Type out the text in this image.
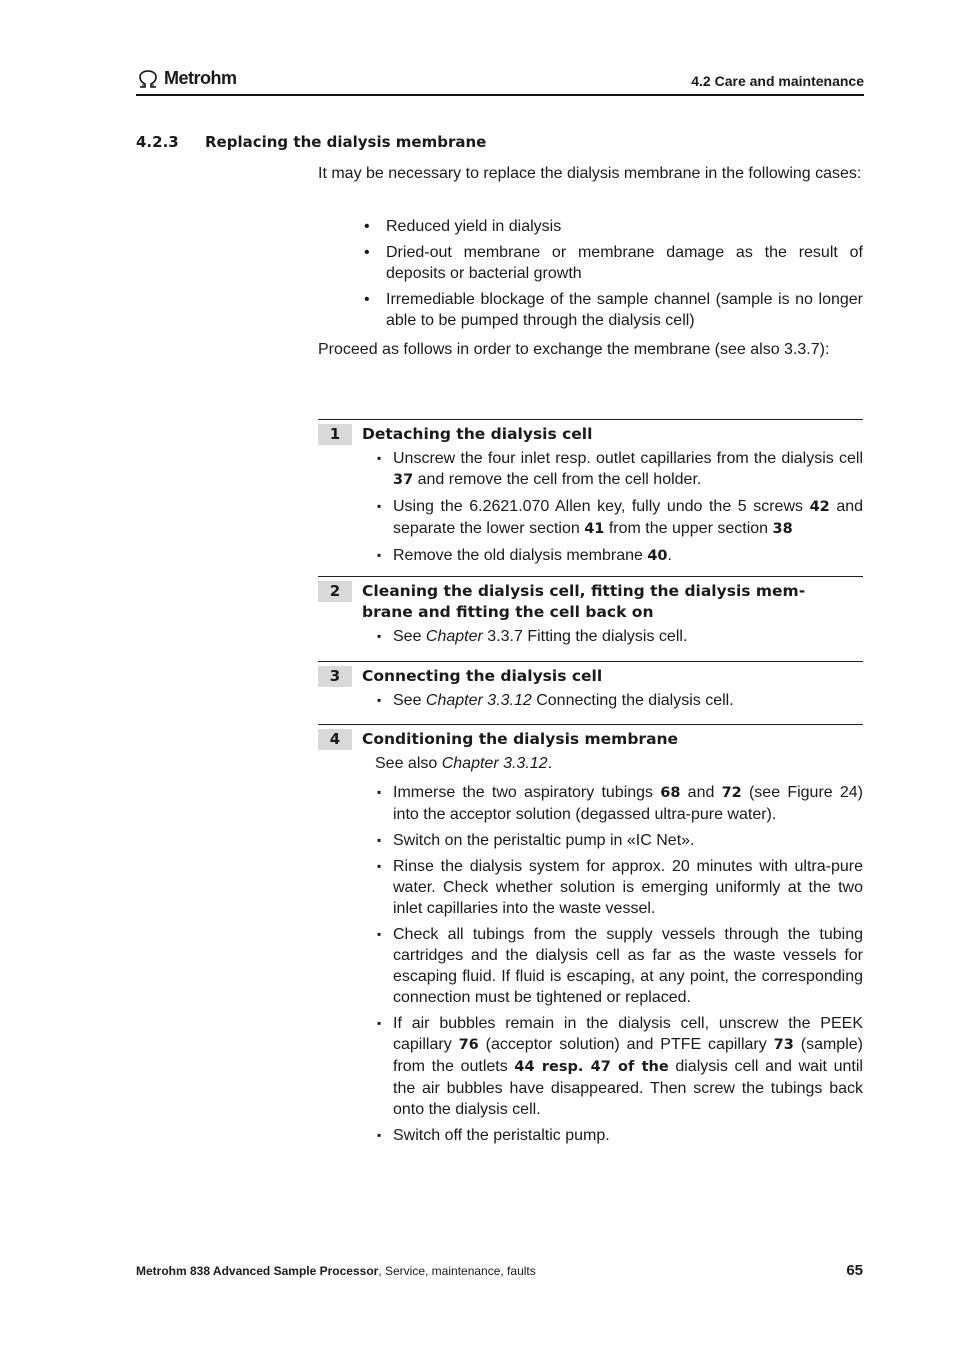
Metrohm	4.2 Care and maintenance
4.2.3 Replacing the dialysis membrane
It may be necessary to replace the dialysis membrane in the following cases:
• Reduced yield in dialysis
• Dried-out membrane or membrane damage as the result of deposits or bacterial growth
• Irremediable blockage of the sample channel (sample is no longer able to be pumped through the dialysis cell)
Proceed as follows in order to exchange the membrane (see also 3.3.7):
1	Detaching the dialysis cell
▪ Unscrew the four inlet resp. outlet capillaries from the dialysis cell 37 and remove the cell from the cell holder.
▪ Using the 6.2621.070 Allen key, fully undo the 5 screws 42 and separate the lower section 41 from the upper section 38
▪ Remove the old dialysis membrane 40.
2	Cleaning the dialysis cell, fitting the dialysis mem-
brane and fitting the cell back on
▪ See Chapter 3.3.7 Fitting the dialysis cell.
3	Connecting the dialysis cell
▪ See Chapter 3.3.12 Connecting the dialysis cell.
4	Conditioning the dialysis membrane
See also Chapter 3.3.12.
▪ Immerse the two aspiratory tubings 68 and 72 (see Figure 24) into the acceptor solution (degassed ultra-pure water).
▪ Switch on the peristaltic pump in «IC Net».
▪ Rinse the dialysis system for approx. 20 minutes with ultra-pure water. Check whether solution is emerging uniformly at the two inlet capillaries into the waste vessel.
▪ Check all tubings from the supply vessels through the tubing cartridges and the dialysis cell as far as the waste vessels for escaping fluid. If fluid is escaping, at any point, the corresponding connection must be tightened or replaced.
▪ If air bubbles remain in the dialysis cell, unscrew the PEEK capillary 76 (acceptor solution) and PTFE capillary 73 (sample) from the outlets 44 resp. 47 of the dialysis cell and wait until the air bubbles have disappeared. Then screw the tubings back onto the dialysis cell.
▪ Switch off the peristaltic pump.
Metrohm 838 Advanced Sample Processor, Service, maintenance, faults	65
